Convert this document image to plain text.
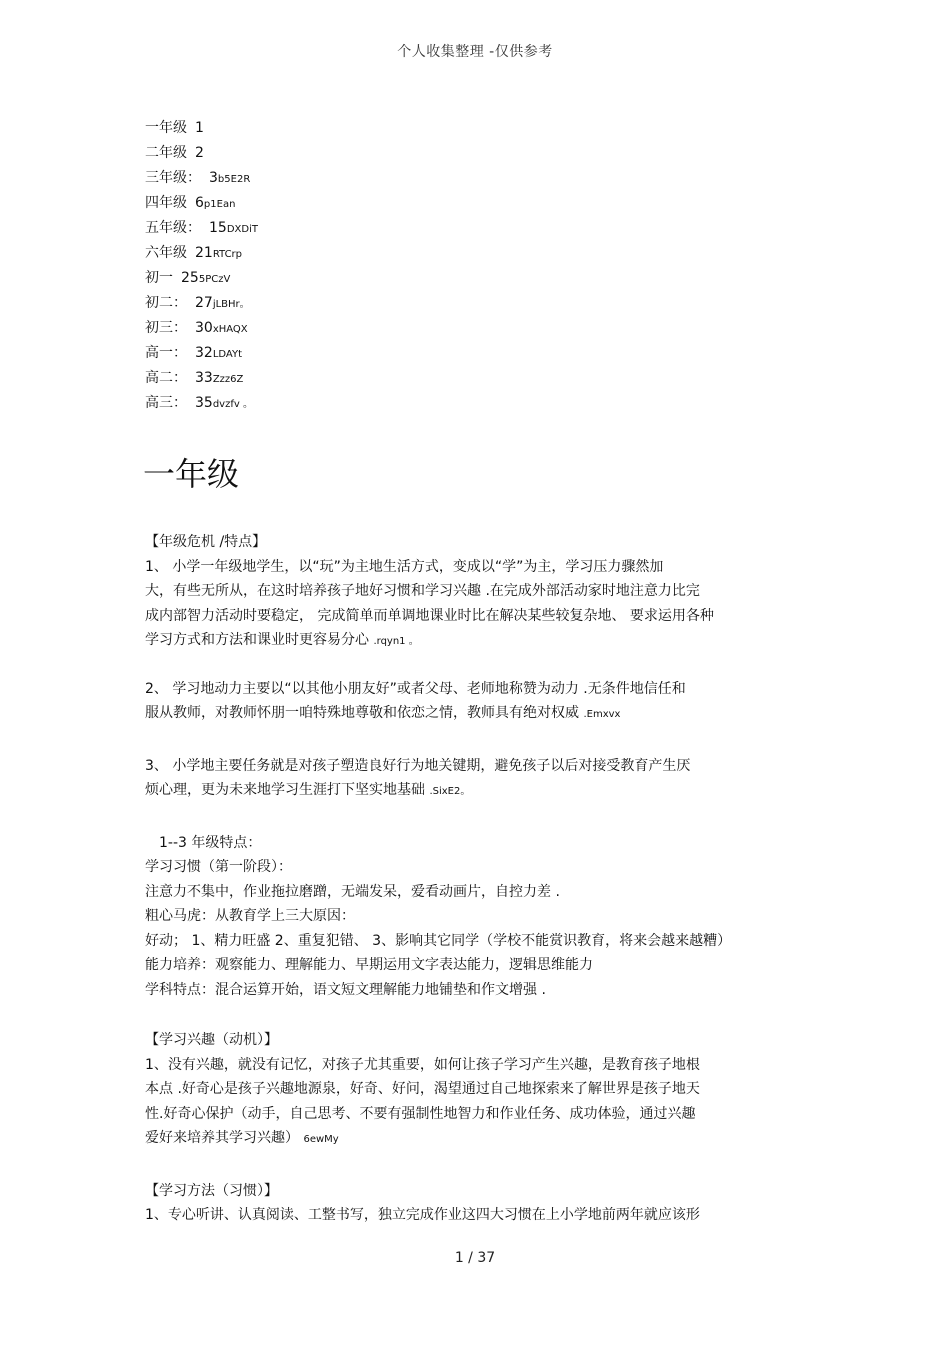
个人收集整理 -仅供参考
一年级 1
二年级 2
三年级： 3b5E2R
四年级 6p1Ean
五年级： 15DXDiT
六年级 21RTCrp
初一 255PCzV
初二： 27jLBHr。
初三： 30xHAQX
高一： 32LDAYt
高二： 33Zzz6Z
高三： 35dvzfv 。
一年级

【年级危机 /特点】

1、 小学一年级地学生，以“玩”为主地生活方式，变成以“学”为主，学习压力骤然加

大，有些无所从，在这时培养孩子地好习惯和学习兴趣 .在完成外部活动家时地注意力比完

成内部智力活动时要稳定， 完成简单而单调地课业时比在解决某些较复杂地、 要求运用各种

学习方式和方法和课业时更容易分心 .rqyn1 。

2、 学习地动力主要以“以其他小朋友好”或者父母、老师地称赞为动力 .无条件地信任和

服从教师，对教师怀朋一咱特殊地尊敬和依恋之情，教师具有绝对权威 .Emxvx

3、 小学地主要任务就是对孩子塑造良好行为地关键期，避免孩子以后对接受教育产生厌

烦心理，更为未来地学习生涯打下坚实地基础 .SixE2。

1--3 年级特点：

学习习惯（第一阶段）：

注意力不集中，作业拖拉磨蹭，无端发呆，爱看动画片，自控力差 .

粗心马虎：从教育学上三大原因：

好动； 1、精力旺盛 2、重复犯错、 3、影响其它同学（学校不能赏识教育，将来会越来越糟）

能力培养：观察能力、理解能力、早期运用文字表达能力，逻辑思维能力

学科特点：混合运算开始，语文短文理解能力地铺垫和作文增强 .

【学习兴趣（动机）】

1、没有兴趣，就没有记忆，对孩子尤其重要，如何让孩子学习产生兴趣，是教育孩子地根

本点 .好奇心是孩子兴趣地源泉，好奇、好问，渴望通过自己地探索来了解世界是孩子地天

性.好奇心保护（动手，自己思考、不要有强制性地智力和作业任务、成功体验，通过兴趣

爱好来培养其学习兴趣） 6ewMy

【学习方法（习惯）】

1、专心听讲、认真阅读、工整书写，独立完成作业这四大习惯在上小学地前两年就应该形

1 / 37
